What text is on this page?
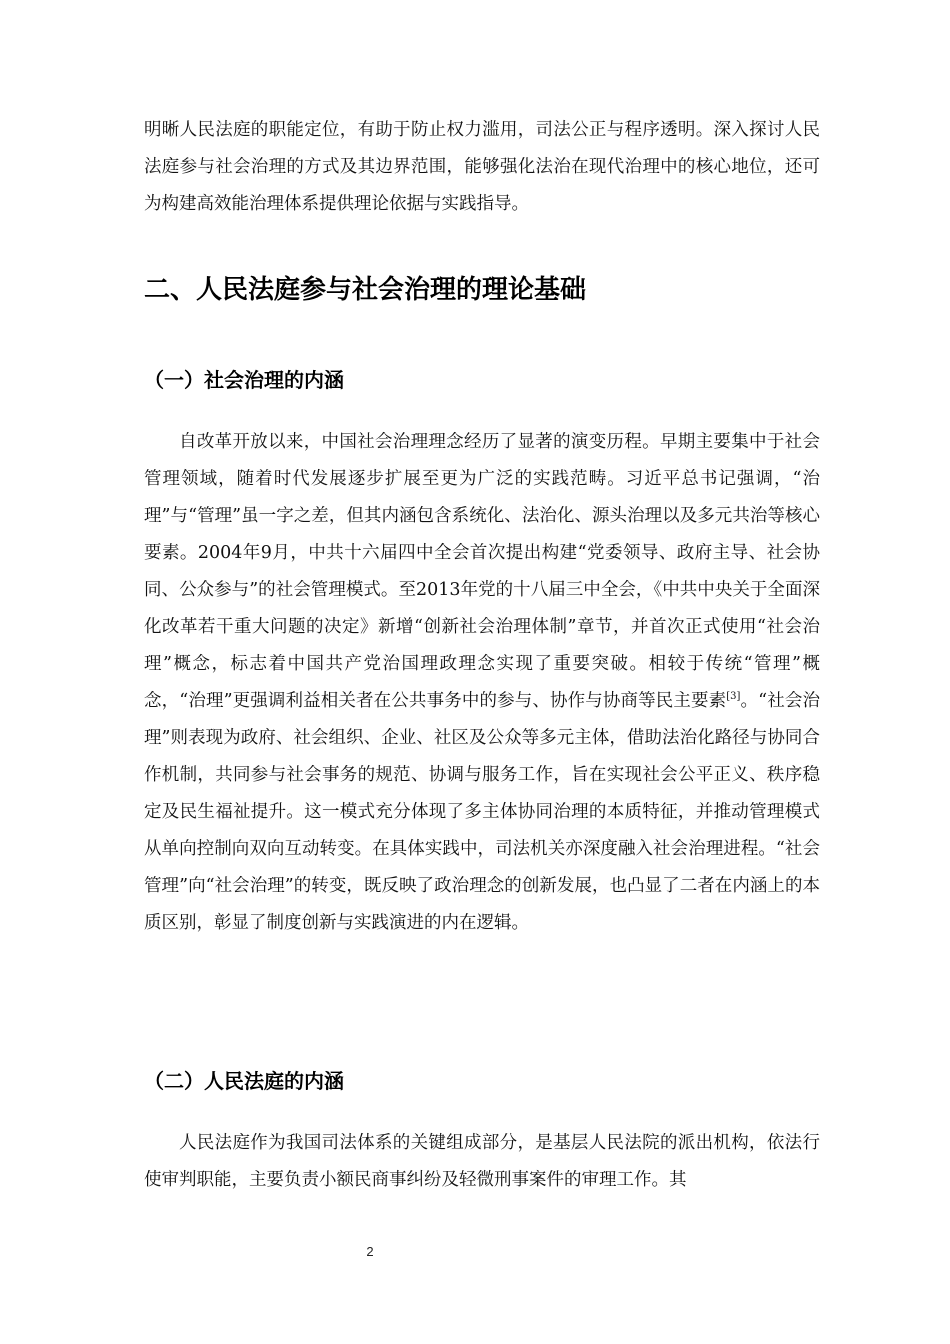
明晰人民法庭的职能定位，有助于防止权力滥用，司法公正与程序透明。深入探讨人民法庭参与社会治理的方式及其边界范围，能够强化法治在现代治理中的核心地位，还可为构建高效能治理体系提供理论依据与实践指导。

二、人民法庭参与社会治理的理论基础
（一）社会治理的内涵

自改革开放以来，中国社会治理理念经历了显著的演变历程。早期主要集中于社会管理领域，随着时代发展逐步扩展至更为广泛的实践范畴。习近平总书记强调，“治理”与“管理”虽一字之差，但其内涵包含系统化、法治化、源头治理以及多元共治等核心要素。2004年9月，中共十六届四中全会首次提出构建“党委领导、政府主导、社会协同、公众参与”的社会管理模式。至2013年党的十八届三中全会，《中共中央关于全面深化改革若干重大问题的决定》新增“创新社会治理体制”章节，并首次正式使用“社会治理”概念，标志着中国共产党治国理政理念实现了重要突破。相较于传统“管理”概念，“治理”更强调利益相关者在公共事务中的参与、协作与协商等民主要素[3]。“社会治理”则表现为政府、社会组织、企业、社区及公众等多元主体，借助法治化路径与协同合作机制，共同参与社会事务的规范、协调与服务工作，旨在实现社会公平正义、秩序稳定及民生福祉提升。这一模式充分体现了多主体协同治理的本质特征，并推动管理模式从单向控制向双向互动转变。在具体实践中，司法机关亦深度融入社会治理进程。“社会管理”向“社会治理”的转变，既反映了政治理念的创新发展，也凸显了二者在内涵上的本质区别，彰显了制度创新与实践演进的内在逻辑。

（二）人民法庭的内涵

人民法庭作为我国司法体系的关键组成部分，是基层人民法院的派出机构，依法行使审判职能，主要负责小额民商事纠纷及轻微刑事案件的审理工作。其

2
